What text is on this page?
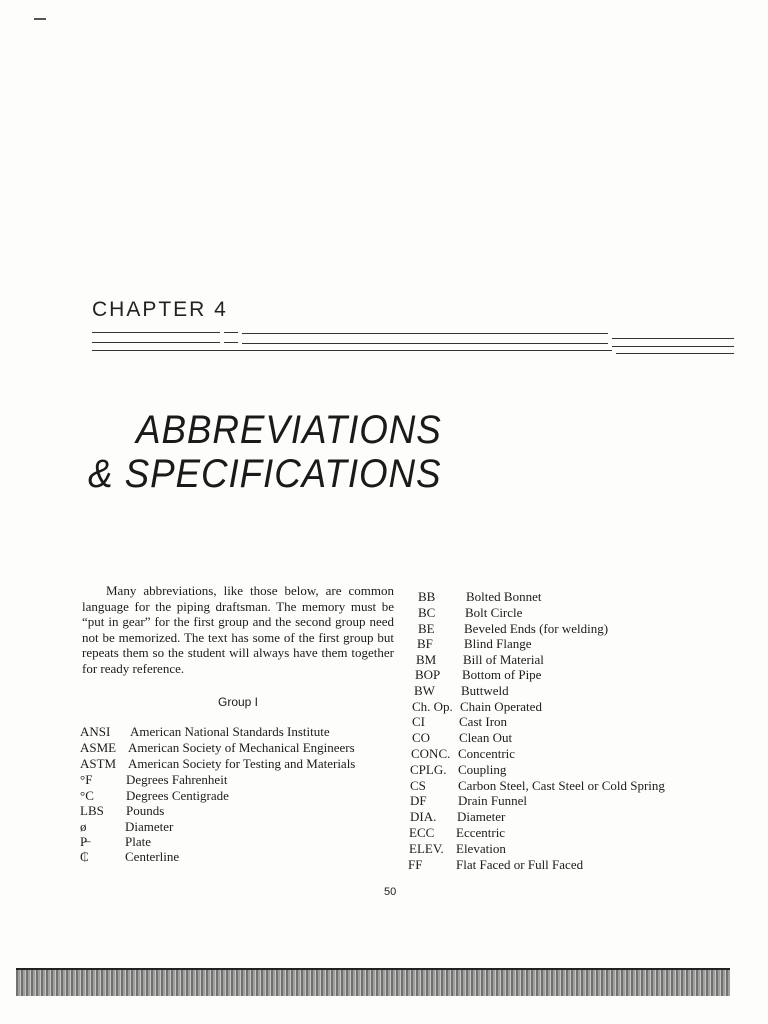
CHAPTER 4
ABBREVIATIONS
& SPECIFICATIONS
Many abbreviations, like those below, are common language for the piping draftsman. The memory must be “put in gear” for the first group and the second group need not be memorized. The text has some of the first group but repeats them so the student will always have them together for ready reference.
Group I
ANSI American National Standards Institute
ASME American Society of Mechanical Engineers
ASTM American Society for Testing and Materials
°F	Degrees Fahrenheit
°C Degrees Centigrade
LBS Pounds
ø	Diameter
P̶	Plate
₵	Centerline
BB Bolted Bonnet
BC Bolt Circle
BE Beveled Ends (for welding)
BF Blind Flange
BM Bill of Material
BOP Bottom of Pipe
BW Buttweld
Ch. Op. Chain Operated
CI	Cast Iron
CO Clean Out
CONC. Concentric
CPLG. Coupling
CS Carbon Steel, Cast Steel or Cold Spring
DF Drain Funnel
DIA. Diameter
ECC Eccentric
ELEV. Elevation
FF	Flat Faced or Full Faced
50
